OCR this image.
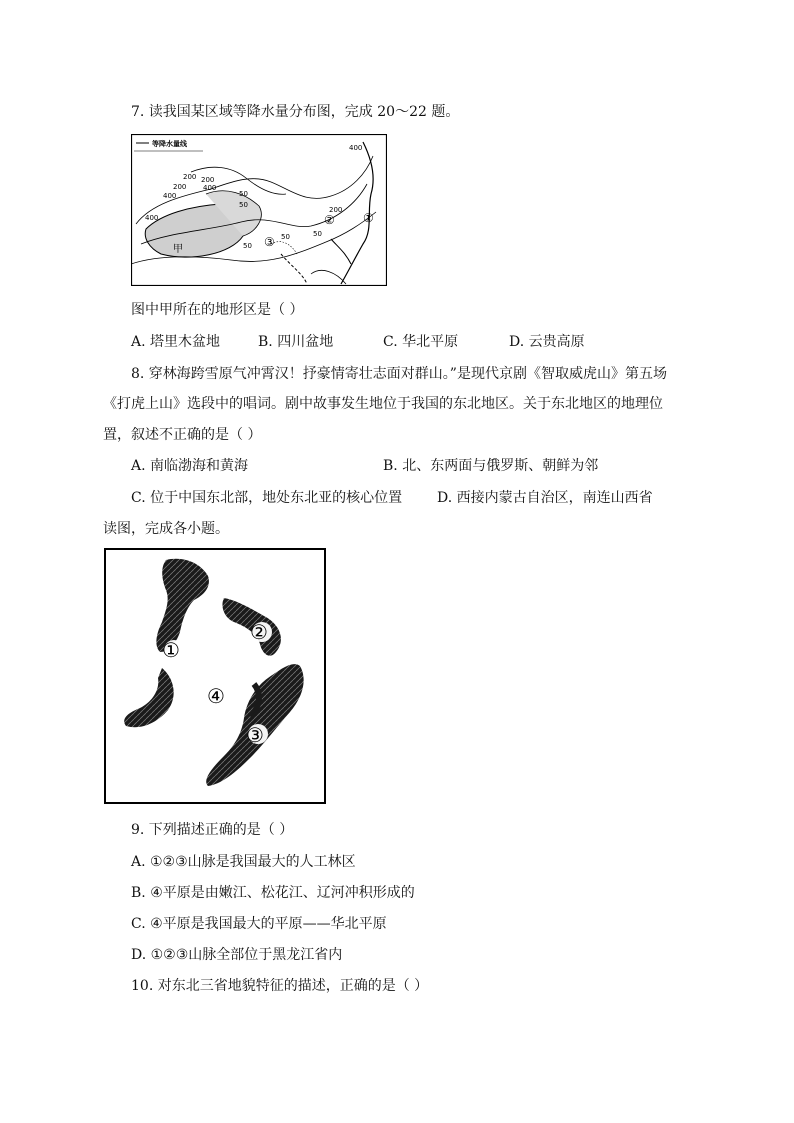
7. 读我国某区域等降水量分布图，完成 20～22 题。
等降水量线	400
200
200
400
50
200
400
50
50
200
400
50
50
①
②
③
甲
图中甲所在的地形区是（ ）
A. 塔里木盆地	B. 四川盆地	C. 华北平原	D. 云贵高原
8. 穿林海跨雪原气冲霄汉！抒豪情寄壮志面对群山。”是现代京剧《智取威虎山》第五场
《打虎上山》选段中的唱词。剧中故事发生地位于我国的东北地区。关于东北地区的地理位
置，叙述不正确的是（ ）
A. 南临渤海和黄海	B. 北、东两面与俄罗斯、朝鲜为邻
C. 位于中国东北部，地处东北亚的核心位置 D. 西接内蒙古自治区，南连山西省
读图，完成各小题。
①
②
③
④
9. 下列描述正确的是（ ）
A. ①②③山脉是我国最大的人工林区
B. ④平原是由嫩江、松花江、辽河冲积形成的
C. ④平原是我国最大的平原——华北平原
D. ①②③山脉全部位于黑龙江省内
10. 对东北三省地貌特征的描述，正确的是（ ）
